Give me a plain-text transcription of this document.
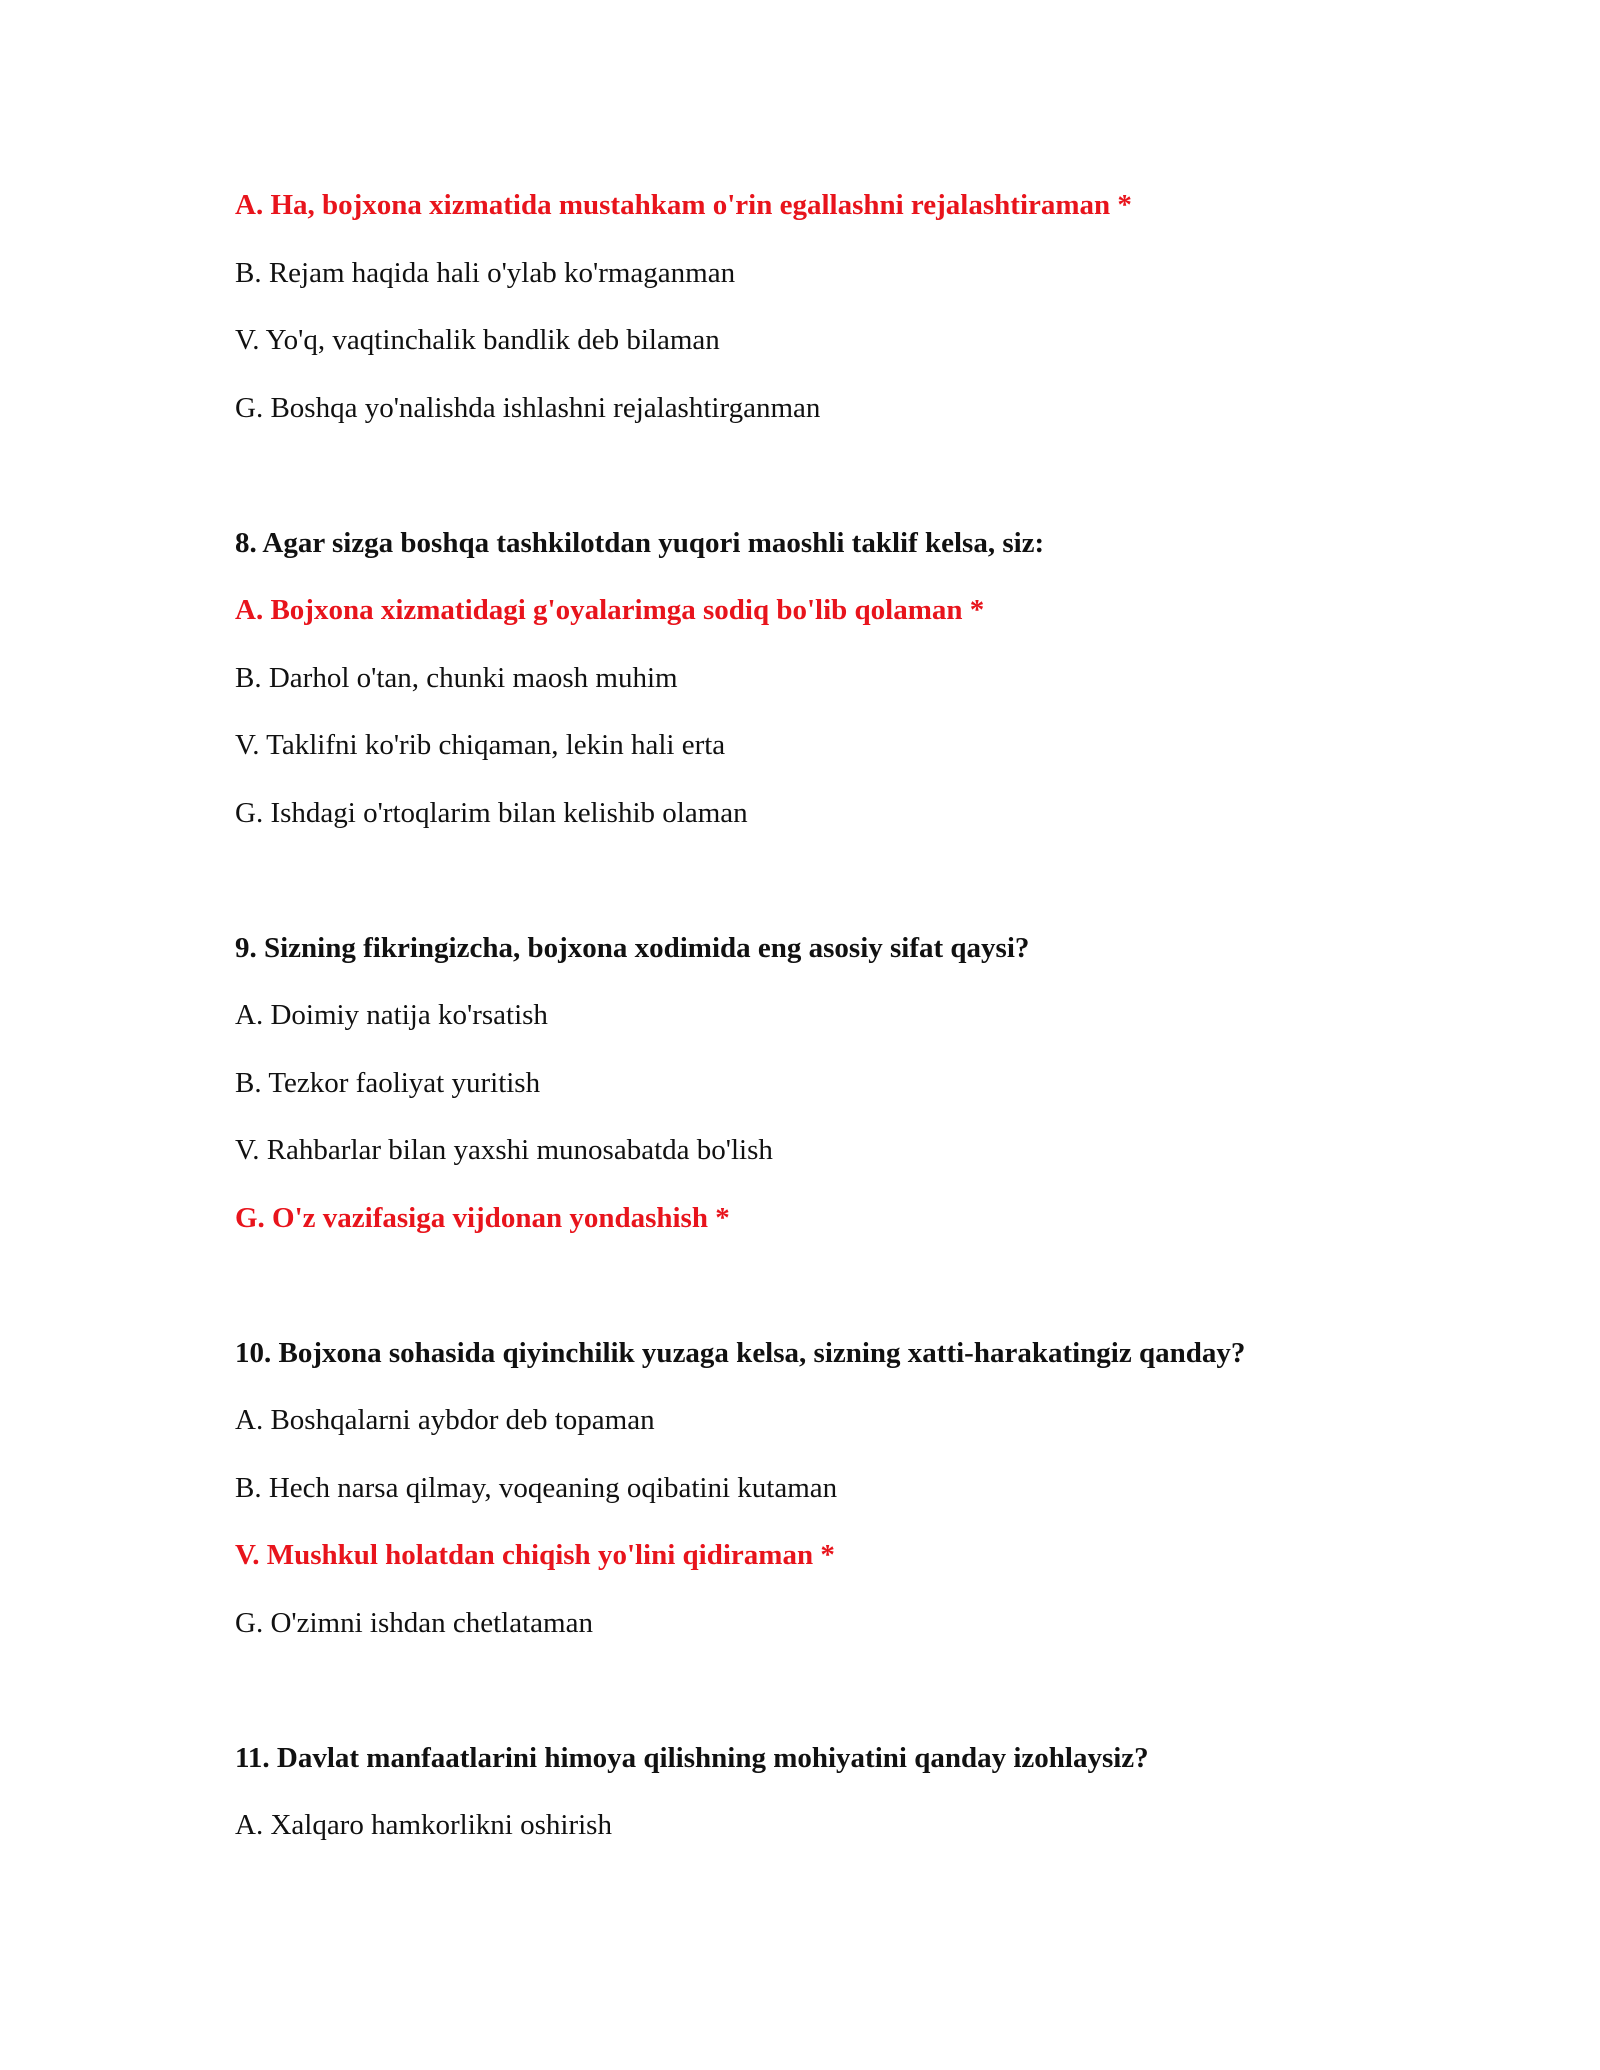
A. Ha, bojxona xizmatida mustahkam o'rin egallashni rejalashtiraman *
B. Rejam haqida hali o'ylab ko'rmaganman
V. Yo'q, vaqtinchalik bandlik deb bilaman
G. Boshqa yo'nalishda ishlashni rejalashtirganman
8. Agar sizga boshqa tashkilotdan yuqori maoshli taklif kelsa, siz:
A. Bojxona xizmatidagi g'oyalarimga sodiq bo'lib qolaman *
B. Darhol o'tan, chunki maosh muhim
V. Taklifni ko'rib chiqaman, lekin hali erta
G. Ishdagi o'rtoqlarim bilan kelishib olaman
9. Sizning fikringizcha, bojxona xodimida eng asosiy sifat qaysi?
A. Doimiy natija ko'rsatish
B. Tezkor faoliyat yuritish
V. Rahbarlar bilan yaxshi munosabatda bo'lish
G. O'z vazifasiga vijdonan yondashish *
10. Bojxona sohasida qiyinchilik yuzaga kelsa, sizning xatti-harakatingiz qanday?
A. Boshqalarni aybdor deb topaman
B. Hech narsa qilmay, voqeaning oqibatini kutaman
V. Mushkul holatdan chiqish yo'lini qidiraman *
G. O'zimni ishdan chetlataman
11. Davlat manfaatlarini himoya qilishning mohiyatini qanday izohlaysiz?
A. Xalqaro hamkorlikni oshirish
